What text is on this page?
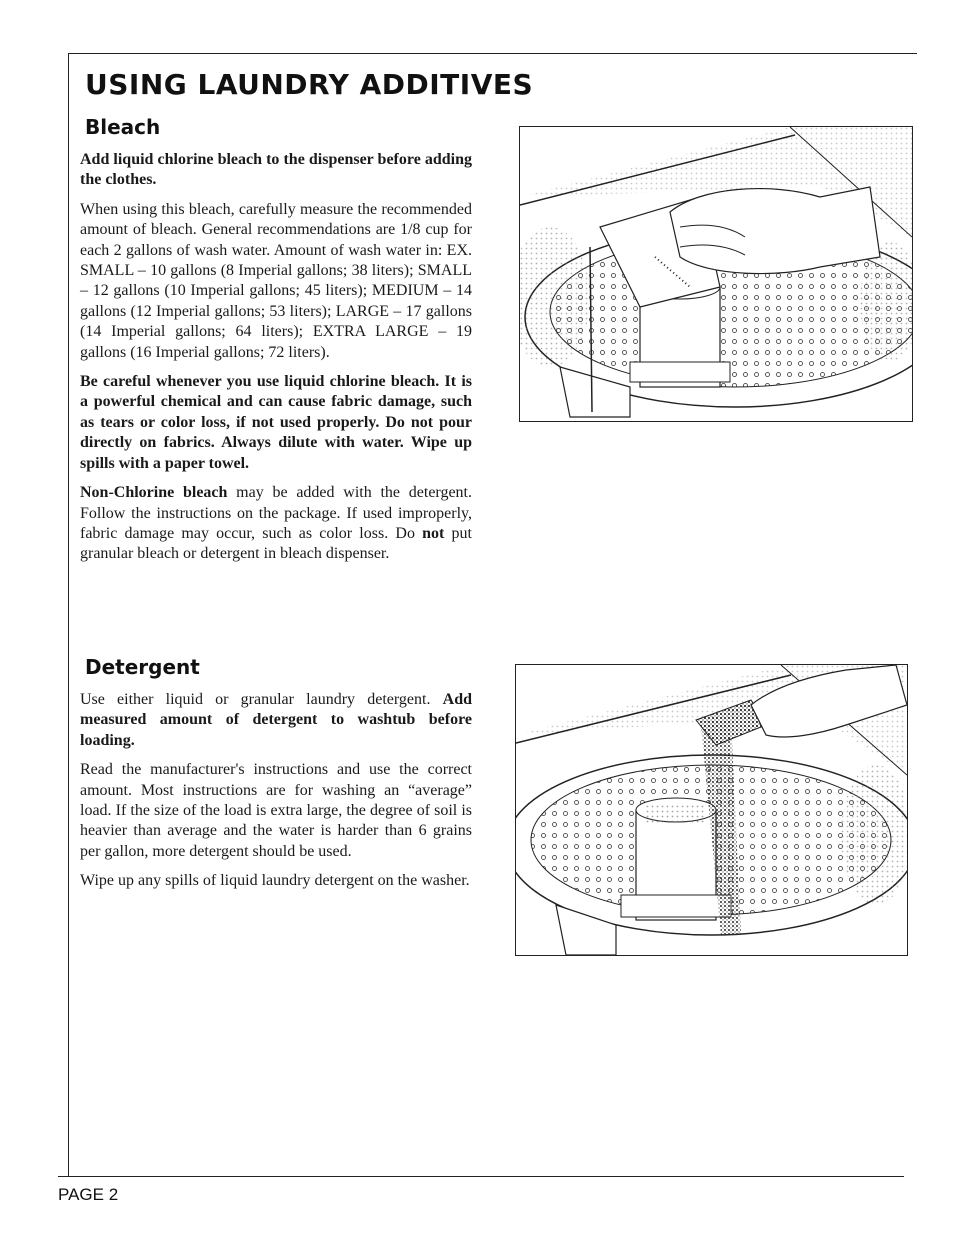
USING LAUNDRY ADDITIVES
Bleach

Add liquid chlorine bleach to the dispenser before adding the clothes.

When using this bleach, carefully measure the recommended amount of bleach. General recommendations are 1/8 cup for each 2 gallons of wash water. Amount of wash water in: EX. SMALL – 10 gallons (8 Imperial gallons; 38 liters); SMALL – 12 gallons (10 Imperial gallons; 45 liters); MEDIUM – 14 gallons (12 Imperial gallons; 53 liters); LARGE – 17 gallons (14 Imperial gallons; 64 liters); EXTRA LARGE – 19 gallons (16 Imperial gallons; 72 liters).

Be careful whenever you use liquid chlorine bleach. It is a powerful chemical and can cause fabric damage, such as tears or color loss, if not used properly. Do not pour directly on fabrics. Always dilute with water. Wipe up spills with a paper towel.

Non-Chlorine bleach may be added with the detergent. Follow the instructions on the package. If used improperly, fabric damage may occur, such as color loss. Do not put granular bleach or detergent in bleach dispenser.

Detergent

Use either liquid or granular laundry detergent. Add measured amount of detergent to washtub before loading.

Read the manufacturer's instructions and use the correct amount. Most instructions are for washing an “average” load. If the size of the load is extra large, the degree of soil is heavier than average and the water is harder than 6 grains per gallon, more detergent should be used.

Wipe up any spills of liquid laundry detergent on the washer.

PAGE 2
